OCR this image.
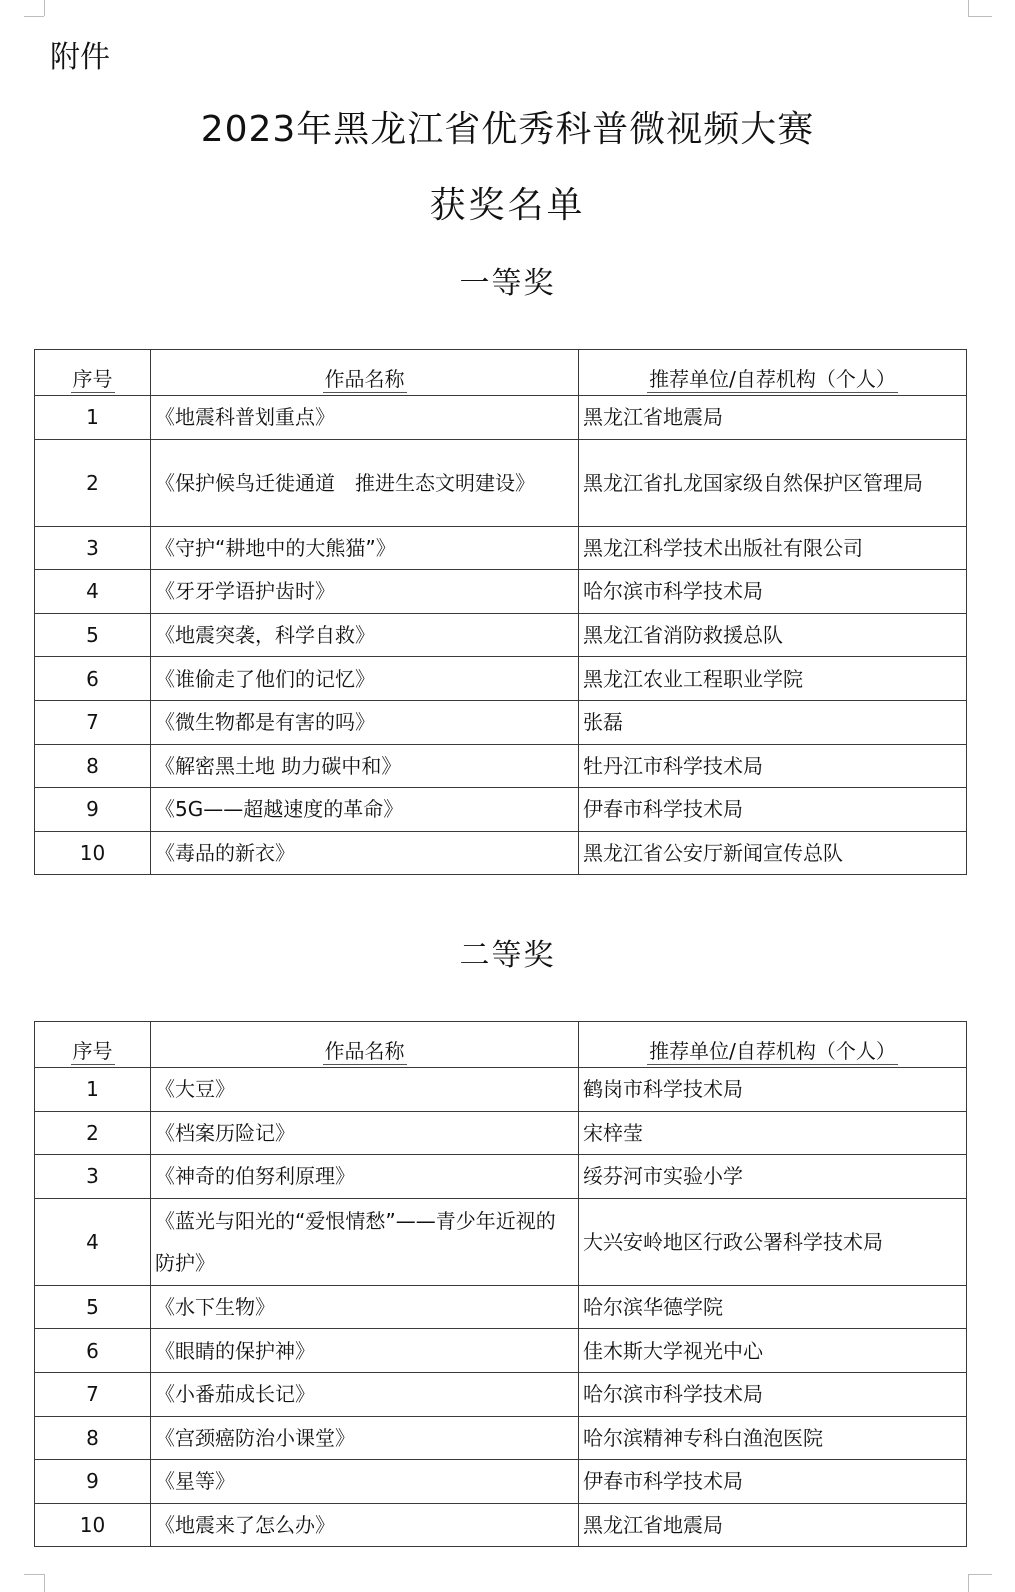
附件
2023年黑龙江省优秀科普微视频大赛
获奖名单
一等奖
序号	作品名称	推荐单位/自荐机构（个人）
1	《地震科普划重点》	黑龙江省地震局
2	《保护候鸟迁徙通道　推进生态文明建设》	黑龙江省扎龙国家级自然保护区管理局
3	《守护“耕地中的大熊猫”》	黑龙江科学技术出版社有限公司
4	《牙牙学语护齿时》	哈尔滨市科学技术局
5	《地震突袭，科学自救》	黑龙江省消防救援总队
6	《谁偷走了他们的记忆》	黑龙江农业工程职业学院
7	《微生物都是有害的吗》	张磊
8	《解密黑土地 助力碳中和》	牡丹江市科学技术局
9	《5G——超越速度的革命》	伊春市科学技术局
10	《毒品的新衣》	黑龙江省公安厅新闻宣传总队
二等奖
序号	作品名称	推荐单位/自荐机构（个人）
1	《大豆》	鹤岗市科学技术局
2	《档案历险记》	宋梓莹
3	《神奇的伯努利原理》	绥芬河市实验小学
4	《蓝光与阳光的“爱恨情愁”——青少年近视的防护》	大兴安岭地区行政公署科学技术局
5	《水下生物》	哈尔滨华德学院
6	《眼睛的保护神》	佳木斯大学视光中心
7	《小番茄成长记》	哈尔滨市科学技术局
8	《宫颈癌防治小课堂》	哈尔滨精神专科白渔泡医院
9	《星等》	伊春市科学技术局
10	《地震来了怎么办》	黑龙江省地震局
